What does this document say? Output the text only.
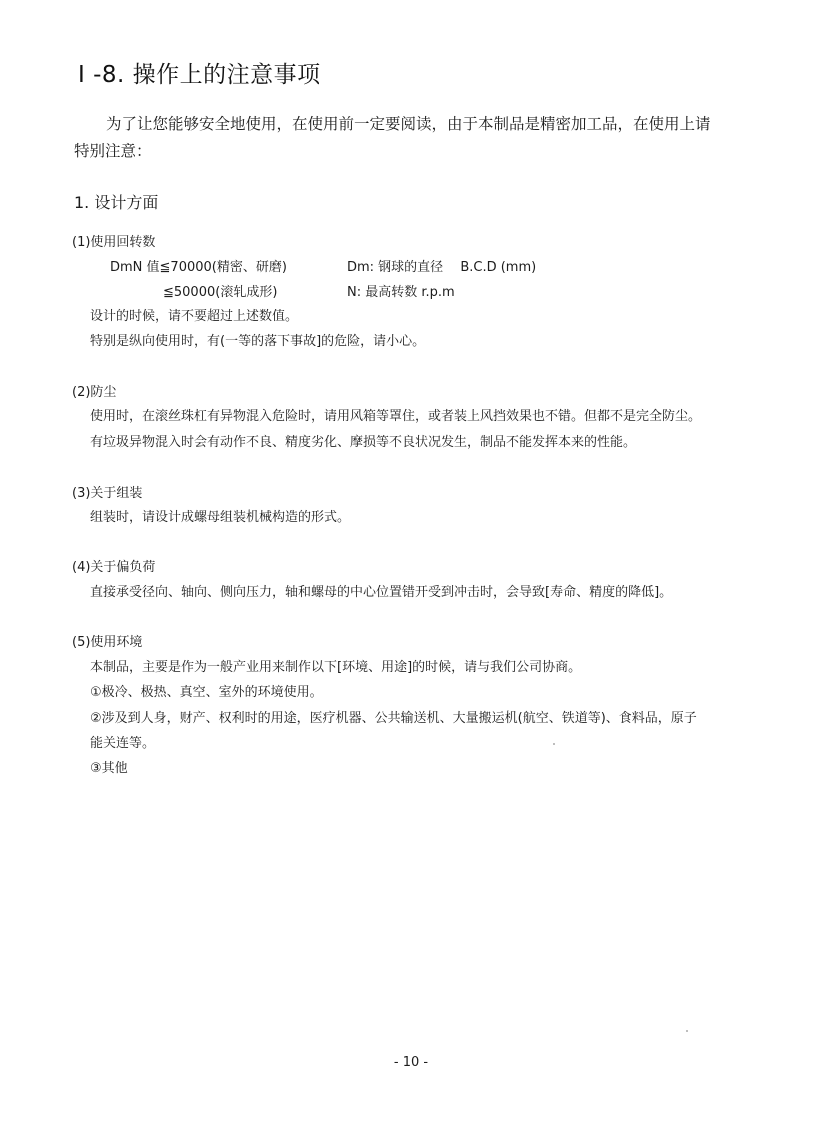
Ⅰ -8. 操作上的注意事项
为了让您能够安全地使用，在使用前一定要阅读，由于本制品是精密加工品，在使用上请
特别注意：
1. 设计方面
(1)使用回转数
DmN 值≦70000(精密、研磨)
≦50000(滚轧成形)
Dm: 钢球的直径　 B.C.D (mm)
N: 最高转数 r.p.m
设计的时候，请不要超过上述数值。
特别是纵向使用时，有(一等的落下事故]的危险，请小心。
(2)防尘
使用时，在滚丝珠杠有异物混入危险时，请用风箱等罩住，或者装上风挡效果也不错。但都不是完全防尘。
有垃圾异物混入时会有动作不良、精度劣化、摩损等不良状况发生，制品不能发挥本来的性能。
(3)关于组装
组装时，请设计成螺母组装机械构造的形式。
(4)关于偏负荷
直接承受径向、轴向、侧向压力，轴和螺母的中心位置错开受到冲击时，会导致[寿命、精度的降低]。
(5)使用环境
本制品，主要是作为一般产业用来制作以下[环境、用途]的时候，请与我们公司协商。
①极冷、极热、真空、室外的环境使用。
②涉及到人身，财产、权利时的用途，医疗机器、公共输送机、大量搬运机(航空、铁道等)、食料品，原子
能关连等。
③其他
- 10 -
